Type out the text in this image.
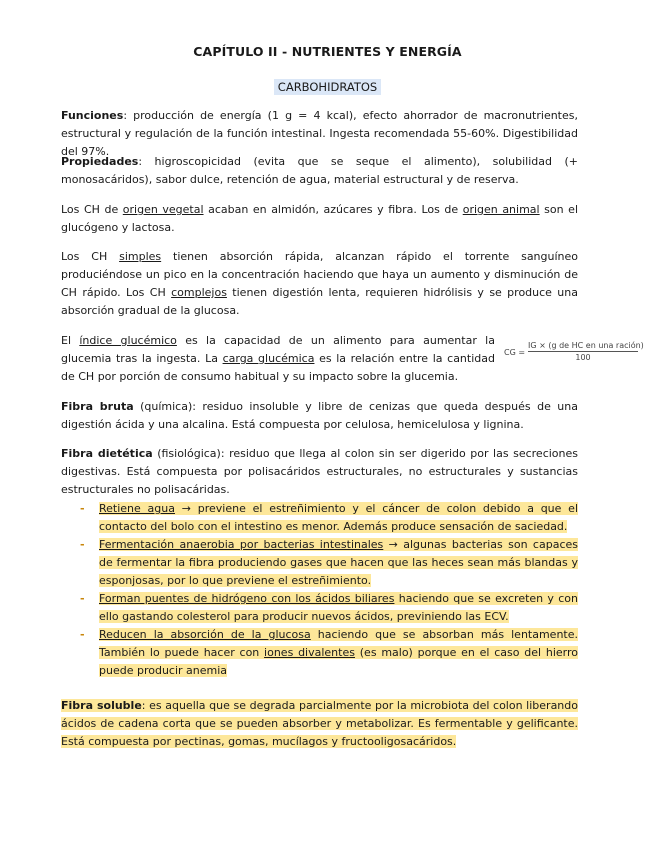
CAPÍTULO II - NUTRIENTES Y ENERGÍA
CARBOHIDRATOS

Funciones: producción de energía (1 g = 4 kcal), efecto ahorrador de macronutrientes, estructural y regulación de la función intestinal. Ingesta recomendada 55-60%. Digestibilidad del 97%.

Propiedades: higroscopicidad (evita que se seque el alimento), solubilidad (+ monosacáridos), sabor dulce, retención de agua, material estructural y de reserva.

Los CH de origen vegetal acaban en almidón, azúcares y fibra. Los de origen animal son el glucógeno y lactosa.

Los CH simples tienen absorción rápida, alcanzan rápido el torrente sanguíneo produciéndose un pico en la concentración haciendo que haya un aumento y disminución de CH rápido. Los CH complejos tienen digestión lenta, requieren hidrólisis y se produce una absorción gradual de la glucosa.

El índice glucémico es la capacidad de un alimento para aumentar la glucemia tras la ingesta. La carga glucémica es la relación entre la cantidad de CH por porción de consumo habitual y su impacto sobre la glucemia.

CG =
IG × (g de HC en una ración)
100

Fibra bruta (química): residuo insoluble y libre de cenizas que queda después de una digestión ácida y una alcalina. Está compuesta por celulosa, hemicelulosa y lignina.

Fibra dietética (fisiológica): residuo que llega al colon sin ser digerido por las secreciones digestivas. Está compuesta por polisacáridos estructurales, no estructurales y sustancias estructurales no polisacáridas.

- Retiene agua → previene el estreñimiento y el cáncer de colon debido a que el contacto del bolo con el intestino es menor. Además produce sensación de saciedad.
- Fermentación anaerobia por bacterias intestinales → algunas bacterias son capaces de fermentar la fibra produciendo gases que hacen que las heces sean más blandas y esponjosas, por lo que previene el estreñimiento.
- Forman puentes de hidrógeno con los ácidos biliares haciendo que se excreten y con ello gastando colesterol para producir nuevos ácidos, previniendo las ECV.
- Reducen la absorción de la glucosa haciendo que se absorban más lentamente. También lo puede hacer con iones divalentes (es malo) porque en el caso del hierro puede producir anemia

Fibra soluble: es aquella que se degrada parcialmente por la microbiota del colon liberando ácidos de cadena corta que se pueden absorber y metabolizar. Es fermentable y gelificante. Está compuesta por pectinas, gomas, mucílagos y fructooligosacáridos.
